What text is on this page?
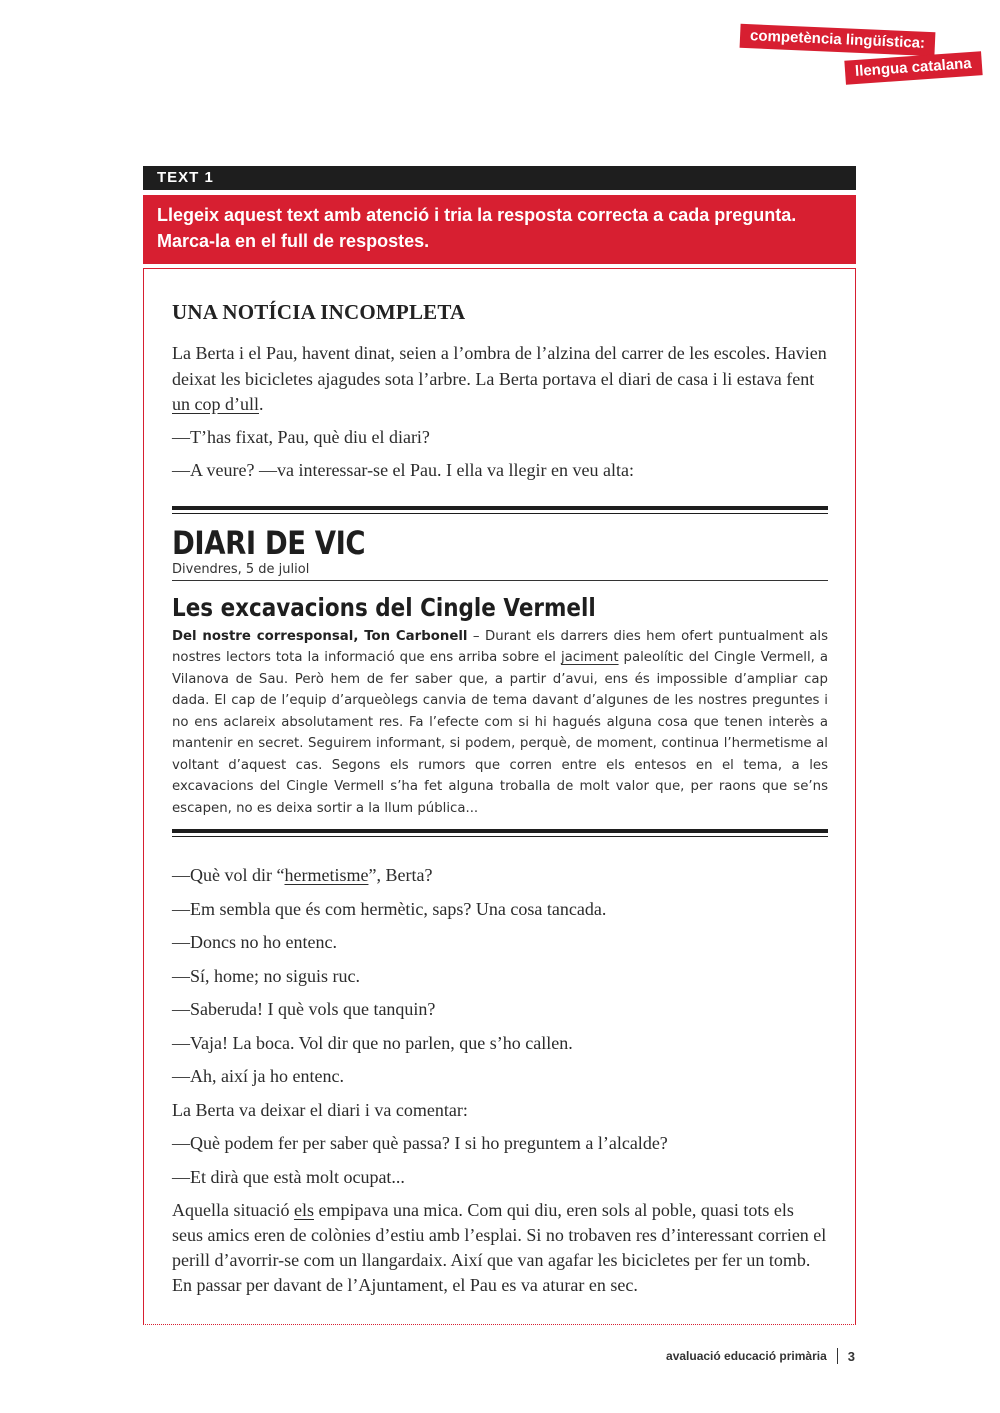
competència lingüística:
llengua catalana
TEXT 1
Llegeix aquest text amb atenció i tria la resposta correcta a cada pregunta. Marca-la en el full de respostes.
UNA NOTÍCIA INCOMPLETA

La Berta i el Pau, havent dinat, seien a l’ombra de l’alzina del carrer de les escoles. Havien deixat les bicicletes ajagudes sota l’arbre. La Berta portava el diari de casa i li estava fent un cop d’ull.

—T’has fixat, Pau, què diu el diari?

—A veure? —va interessar-se el Pau. I ella va llegir en veu alta:

DIARI DE VIC
Divendres, 5 de juliol
Les excavacions del Cingle Vermell

Del nostre corresponsal, Ton Carbonell – Durant els darrers dies hem ofert puntualment als nostres lectors tota la informació que ens arriba sobre el jaciment paleolític del Cingle Vermell, a Vilanova de Sau. Però hem de fer saber que, a partir d’avui, ens és impossible d’ampliar cap dada. El cap de l’equip d’arqueòlegs canvia de tema davant d’algunes de les nostres preguntes i no ens aclareix absolutament res. Fa l’efecte com si hi hagués alguna cosa que tenen interès a mantenir en secret. Seguirem informant, si podem, perquè, de moment, continua l’hermetisme al voltant d’aquest cas. Segons els rumors que corren entre els entesos en el tema, a les excavacions del Cingle Vermell s’ha fet alguna troballa de molt valor que, per raons que se’ns escapen, no es deixa sortir a la llum pública...

—Què vol dir “hermetisme”, Berta?

—Em sembla que és com hermètic, saps? Una cosa tancada.

—Doncs no ho entenc.

—Sí, home; no siguis ruc.

—Saberuda! I què vols que tanquin?

—Vaja! La boca. Vol dir que no parlen, que s’ho callen.

—Ah, així ja ho entenc.

La Berta va deixar el diari i va comentar:

—Què podem fer per saber què passa? I si ho preguntem a l’alcalde?

—Et dirà que està molt ocupat...

Aquella situació els empipava una mica. Com qui diu, eren sols al poble, quasi tots els seus amics eren de colònies d’estiu amb l’esplai. Si no trobaven res d’interessant corrien el perill d’avorrir-se com un llangardaix. Així que van agafar les bicicletes per fer un tomb. En passar per davant de l’Ajuntament, el Pau es va aturar en sec.

avaluació educació primària 3
